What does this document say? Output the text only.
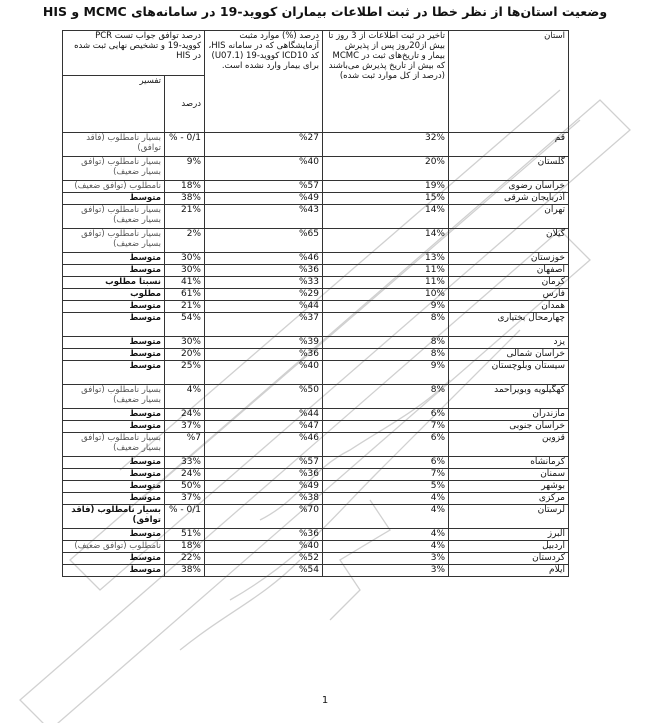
وضعیت استان‌ها از نظر خطا در ثبت اطلاعات بیماران کووید-19 در سامانه‌های MCMC و HIS
استان	تاخیر در ثبت اطلاعات از 3 روز تا بیش از20روز پس از پذیرش بیمار و تاریخ‌های ثبت در MCMC که بیش از تاریخ پذیرش می‌باشند (درصد از کل موارد ثبت شده)	درصد (%) موارد مثبت آزمایشگاهی که در سامانه HIS، کد ICD10 کووید-19 (U07.1) برای بیمار وارد نشده است.	درصد توافق جواب تست PCR کووید-19 و تشخیص نهایی ثبت شده در HIS	
			درصد	تفسیر
قم	32%	%27	0/1 - %	بسیار نامطلوب (فاقد توافق)
گلستان	20%	%40	9%	بسیار نامطلوب (توافق بسیار ضعیف)
خراسان رضوی	19%	%57	18%	نامطلوب (توافق ضعیف)
آذربایجان شرقی	15%	%49	38%	متوسط
تهران	14%	%43	21%	بسیار نامطلوب (توافق بسیار ضعیف)
گیلان	14%	%65	2%	بسیار نامطلوب (توافق بسیار ضعیف)
خوزستان	13%	%46	30%	متوسط
اصفهان	11%	%36	30%	متوسط
کرمان	11%	%33	41%	نسبتا مطلوب
فارس	10%	%29	61%	مطلوب
همدان	9%	%44	21%	متوسط
چهارمحال بختیاری	8%	%37	54%	متوسط
یزد	8%	%39	30%	متوسط
خراسان شمالی	8%	%36	20%	متوسط
سیستان وبلوچستان	9%	%40	25%	متوسط
کهگیلویه وبویراحمد	8%	%50	4%	بسیار نامطلوب (توافق بسیار ضعیف)
مازندران	6%	%44	24%	متوسط
خراسان جنوبی	7%	%47	37%	متوسط
قزوین	6%	%46	%7	بسیار نامطلوب (توافق بسیار ضعیف)
کرمانشاه	6%	%57	33%	متوسط
سمنان	7%	%36	24%	متوسط
بوشهر	5%	%49	50%	متوسط
مرکزی	4%	%38	37%	متوسط
لرستان	4%	%70	0/1 - %	بسیار نامطلوب (فاقد توافق)
البرز	4%	%36	51%	متوسط
اردبیل	4%	%40	18%	نامطلوب (توافق ضعیف)
کردستان	3%	%52	22%	متوسط
ایلام	3%	%54	38%	متوسط
1
